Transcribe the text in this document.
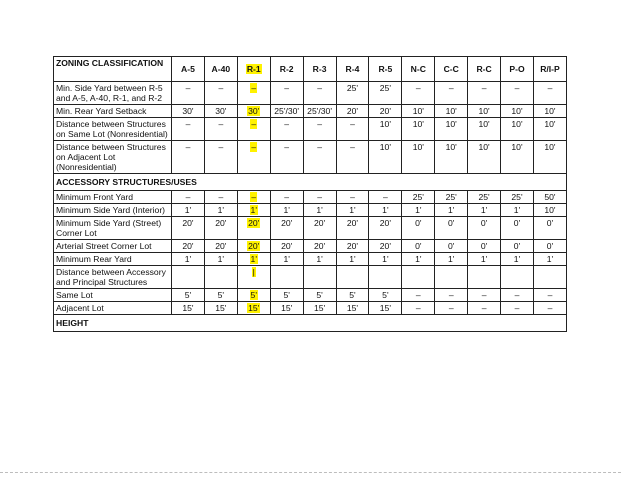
ZONING CLASSIFICATION	A-5	A-40	R-1	R-2	R-3	R-4	R-5	N-C	C-C	R-C	P-O	R/I-P
Min. Side Yard between R-5 and A-5, A-40, R-1, and R-2	–	–	–	–	–	25'	25'	–	–	–	–	–
Min. Rear Yard Setback	30'	30'	30'	25'/30'	25'/30'	20'	20'	10'	10'	10'	10'	10'
Distance between Structures on Same Lot (Nonresidential)	–	–	–	–	–	–	10'	10'	10'	10'	10'	10'
Distance between Structures on Adjacent Lot (Nonresidential)	–	–	–	–	–	–	10'	10'	10'	10'	10'	10'
ACCESSORY STRUCTURES/USES												
Minimum Front Yard	–	–	–	–	–	–	–	25'	25'	25'	25'	50'
Minimum Side Yard (Interior)	1'	1'	1'	1'	1'	1'	1'	1'	1'	1'	1'	10'
Minimum Side Yard (Street) Corner Lot	20'	20'	20'	20'	20'	20'	20'	0'	0'	0'	0'	0'
Arterial Street Corner Lot	20'	20'	20'	20'	20'	20'	20'	0'	0'	0'	0'	0'
Minimum Rear Yard	1'	1'	1'	1'	1'	1'	1'	1'	1'	1'	1'	1'
Distance between Accessory and Principal Structures			|									
Same Lot	5'	5'	5'	5'	5'	5'	5'	–	–	–	–	–
Adjacent Lot	15'	15'	15'	15'	15'	15'	15'	–	–	–	–	–
HEIGHT												
